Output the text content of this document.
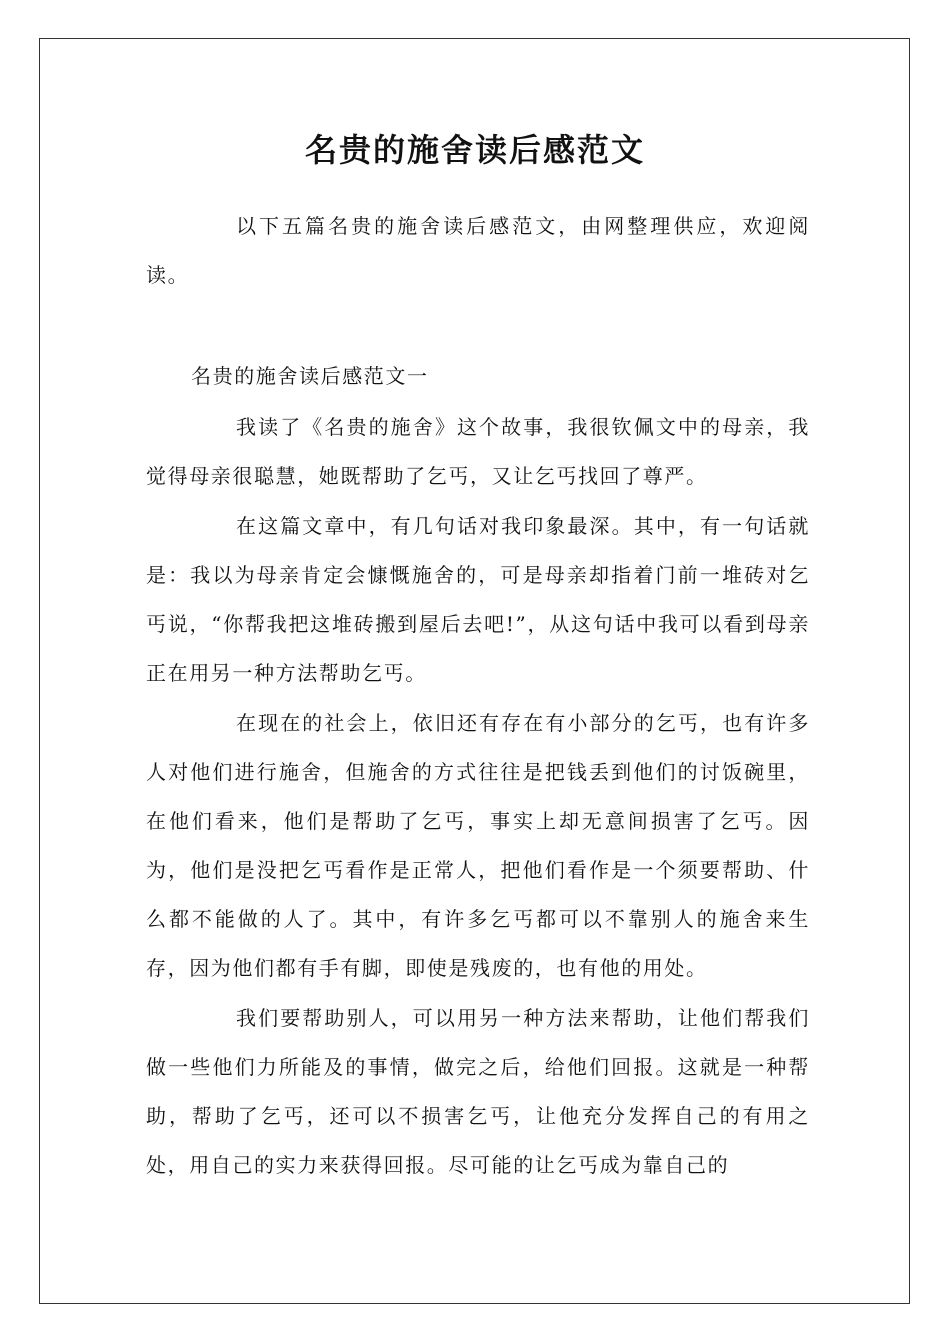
名贵的施舍读后感范文

以下五篇名贵的施舍读后感范文，由网整理供应，欢迎阅读。

名贵的施舍读后感范文一

我读了《名贵的施舍》这个故事，我很钦佩文中的母亲，我觉得母亲很聪慧，她既帮助了乞丐，又让乞丐找回了尊严。

在这篇文章中，有几句话对我印象最深。其中，有一句话就是：我以为母亲肯定会慷慨施舍的，可是母亲却指着门前一堆砖对乞丐说，“你帮我把这堆砖搬到屋后去吧!”，从这句话中我可以看到母亲正在用另一种方法帮助乞丐。

在现在的社会上，依旧还有存在有小部分的乞丐，也有许多人对他们进行施舍，但施舍的方式往往是把钱丢到他们的讨饭碗里，在他们看来，他们是帮助了乞丐，事实上却无意间损害了乞丐。因为，他们是没把乞丐看作是正常人，把他们看作是一个须要帮助、什么都不能做的人了。其中，有许多乞丐都可以不靠别人的施舍来生存，因为他们都有手有脚，即使是残废的，也有他的用处。

我们要帮助别人，可以用另一种方法来帮助，让他们帮我们做一些他们力所能及的事情，做完之后，给他们回报。这就是一种帮助，帮助了乞丐，还可以不损害乞丐，让他充分发挥自己的有用之处，用自己的实力来获得回报。尽可能的让乞丐成为靠自己的
